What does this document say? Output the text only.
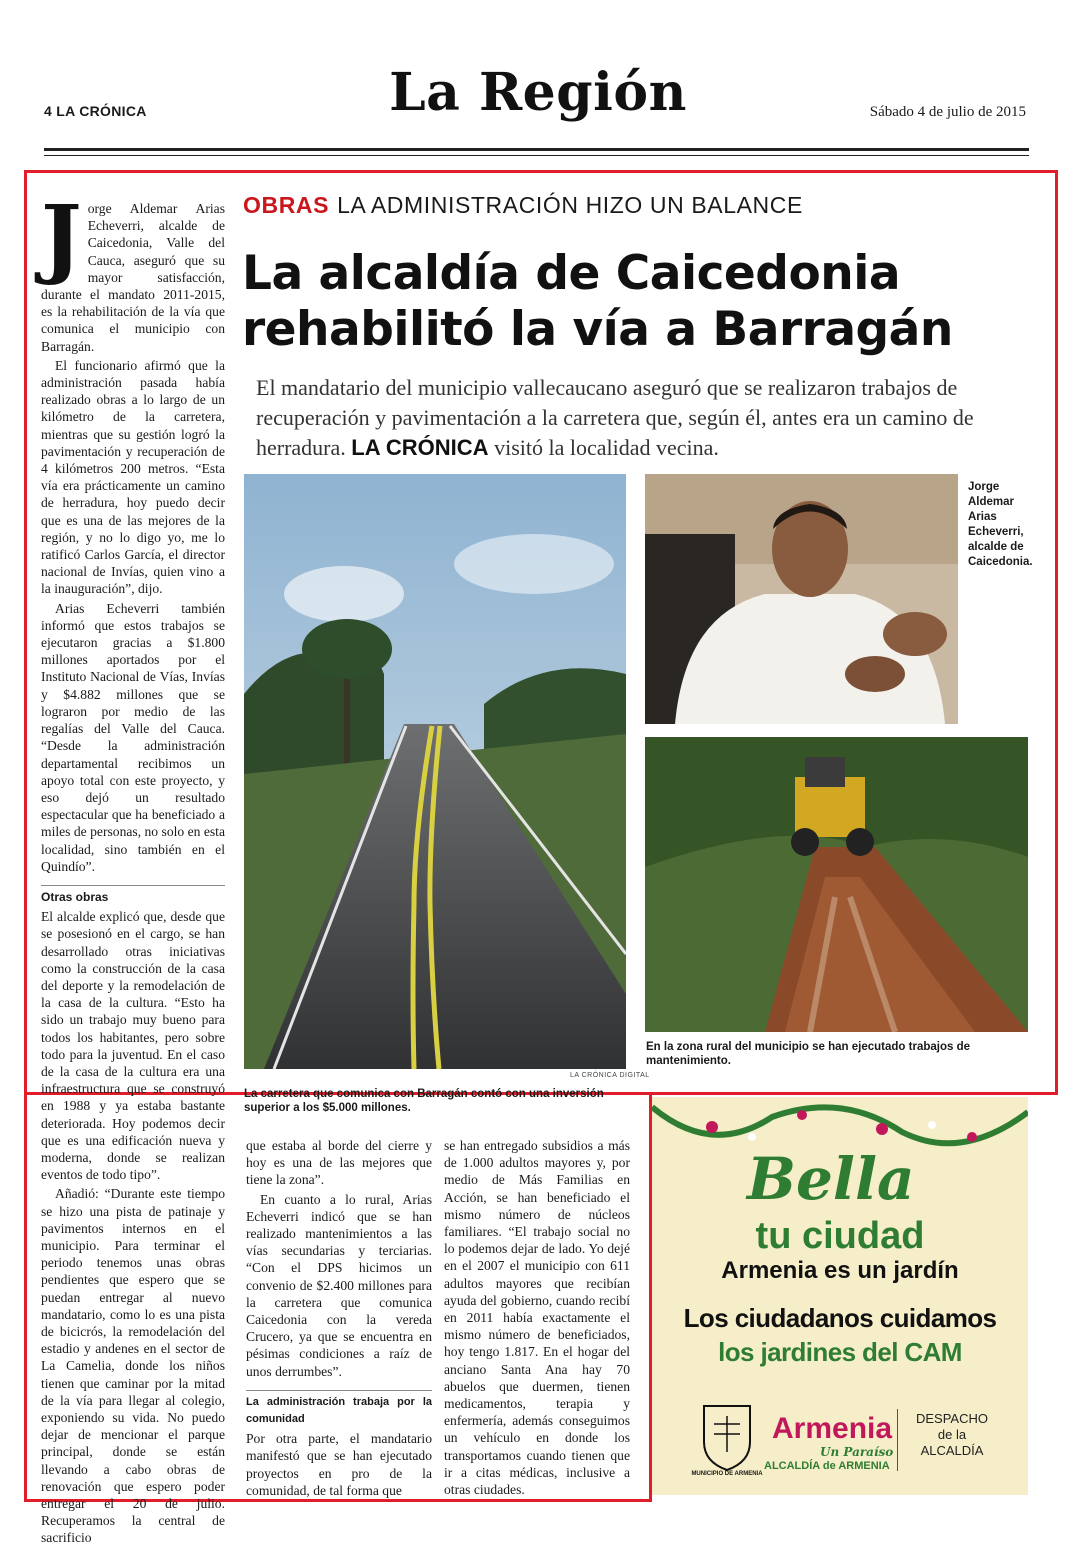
4 LA CRÓNICA	La Región	Sábado 4 de julio de 2015

Jorge Aldemar Arias Echeverri, alcalde de Caicedonia, Valle del Cauca, aseguró que su mayor satisfacción, durante el mandato 2011-2015, es la rehabilitación de la vía que comunica el municipio con Barragán.

El funcionario afirmó que la administración pasada había realizado obras a lo largo de un kilómetro de la carretera, mientras que su gestión logró la pavimentación y recuperación de 4 kilómetros 200 metros. “Esta vía era prácticamente un camino de herradura, hoy puedo decir que es una de las mejores de la región, y no lo digo yo, me lo ratificó Carlos García, el director nacional de Invías, quien vino a la inauguración”, dijo.

Arias Echeverri también informó que estos trabajos se ejecutaron gracias a $1.800 millones aportados por el Instituto Nacional de Vías, Invías y $4.882 millones que se lograron por medio de las regalías del Valle del Cauca. “Desde la administración departamental recibimos un apoyo total con este proyecto, y eso dejó un resultado espectacular que ha beneficiado a miles de personas, no solo en esta localidad, sino también en el Quindío”.

Otras obras

El alcalde explicó que, desde que se posesionó en el cargo, se han desarrollado otras iniciativas como la construcción de la casa del deporte y la remodelación de la casa de la cultura. “Esto ha sido un trabajo muy bueno para todos los habitantes, pero sobre todo para la juventud. En el caso de la casa de la cultura era una infraestructura que se construyó en 1988 y ya estaba bastante deteriorada. Hoy podemos decir que es una edificación nueva y moderna, donde se realizan eventos de todo tipo”.

Añadió: “Durante este tiempo se hizo una pista de patinaje y pavimentos internos en el municipio. Para terminar el periodo tenemos unas obras pendientes que espero que se puedan entregar al nuevo mandatario, como lo es una pista de bicicrós, la remodelación del estadio y andenes en el sector de La Camelia, donde los niños tienen que caminar por la mitad de la vía para llegar al colegio, exponiendo su vida. No puedo dejar de mencionar el parque principal, donde se están llevando a cabo obras de renovación que espero poder entregar el 20 de julio. Recuperamos la central de sacrificio

OBRAS LA ADMINISTRACIÓN HIZO UN BALANCE
La alcaldía de Caicedonia
rehabilitó la vía a Barragán
El mandatario del municipio vallecaucano aseguró que se realizaron trabajos de recuperación y pavimentación a la carretera que, según él, antes era un camino de herradura. LA CRÓNICA visitó la localidad vecina.
LA CRÓNICA DIGITAL
La carretera que comunica con Barragán contó con una inversión superior a los $5.000 millones.
Jorge Aldemar Arias Echeverri, alcalde de Caicedonia.
En la zona rural del municipio se han ejecutado trabajos de mantenimiento.

que estaba al borde del cierre y hoy es una de las mejores que tiene la zona”.

En cuanto a lo rural, Arias Echeverri indicó que se han realizado mantenimientos a las vías secundarias y terciarias. “Con el DPS hicimos un convenio de $2.400 millones para la carretera que comunica Caicedonia con la vereda Crucero, ya que se encuentra en pésimas condiciones a raíz de unos derrumbes”.

La administración trabaja por la comunidad

Por otra parte, el mandatario manifestó que se han ejecutado proyectos en pro de la comunidad, de tal forma que

se han entregado subsidios a más de 1.000 adultos mayores y, por medio de Más Familias en Acción, se han beneficiado el mismo número de núcleos familiares. “El trabajo social no lo podemos dejar de lado. Yo dejé en el 2007 el municipio con 611 adultos mayores que recibían ayuda del gobierno, cuando recibí en 2011 había exactamente el mismo número de beneficiados, hoy tengo 1.817. En el hogar del anciano Santa Ana hay 70 abuelos que duermen, tienen medicamentos, terapia y enfermería, además conseguimos un vehículo en donde los transportamos cuando tienen que ir a citas médicas, inclusive a otras ciudades.

Bella
tu ciudad
Armenia es un jardín
Los ciudadanos cuidamos
los jardines del CAM
MUNICIPIO DE ARMENIA
Armenia
Un Paraíso
ALCALDÍA de ARMENIA
DESPACHO
de la
ALCALDÍA
